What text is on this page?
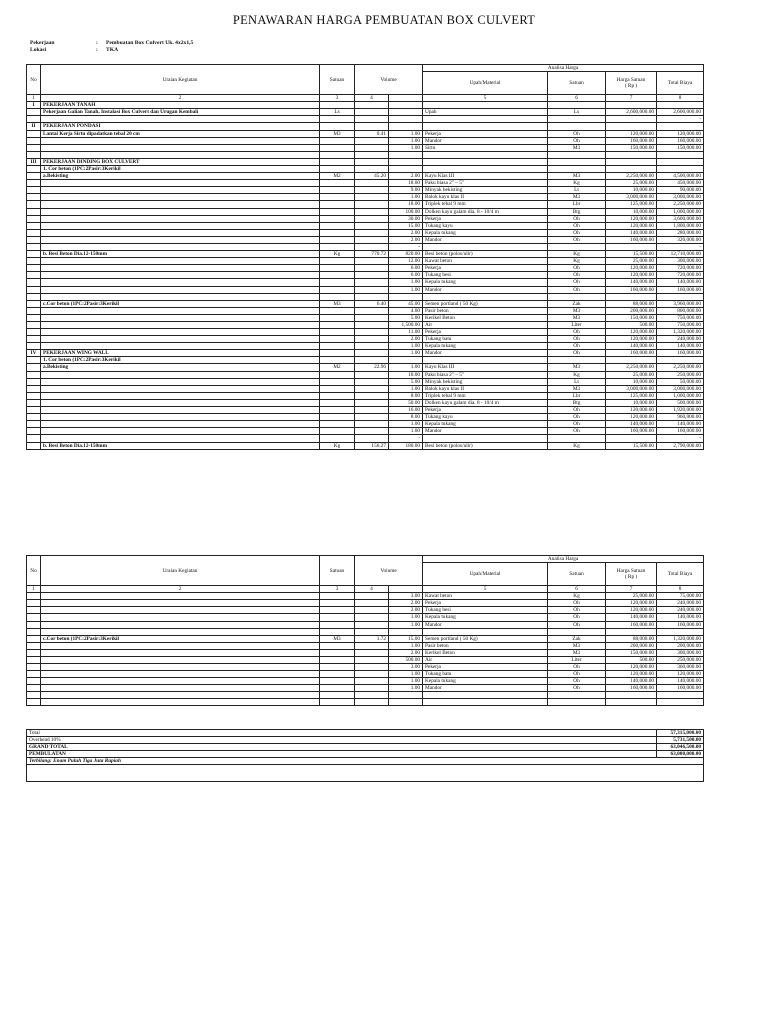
PENAWARAN HARGA PEMBUATAN BOX CULVERT
Pekerjaan	: Pembuatan Box Culvert Uk. 4x2x1,5
Lokasi	: TKA
No	Uraian Kegiatan	Satuan	Volume		Analisa Harga			
					Upah/Material	Satuan	Harga Satuan
( Rp )	Total Biaya
1	2	3	4		5	6	7	8
I	PEKERJAAN TANAH							
	Pekerjaan Galian Tanah, Instalasi Box Culvert dan Urugan Kembali	Ls			Upah	Ls	2,600,000.00	2,600,000.00
								-
II	PEKERJAAN PONDASI							
	Lantai Kerja Sirtu dipadatkan tebal 20 cm	M3	0.41	1.00	Pekerja	Oh	120,000.00	120,000.00
				1.00	Mandor	Oh	160,000.00	160,000.00
				1.00	Sirtu	M3	150,000.00	150,000.00

III	PEKERJAAN DINDING BOX CULVERT							
	1. Cor beton (1PC:2Pasir:3Kerikil							
	a.Bekisting	M2	45.20	2.00	Kayu Klas III	M3	2,250,000.00	4,500,000.00
				18.00	Paku biasa 2" – 5"	Kg	25,000.00	450,000.00
				9.00	Minyak bekisting	Lt	10,000.00	90,000.00
				1.00	Balok kayu klas II	M3	3,000,000.00	3,000,000.00
				18.00	Triplek tebal 9 mm	Lbr	125,000.00	2,250,000.00
				100.00	Dolken kayu galam dia. 8 - 10/4 m	Btg	10,000.00	1,000,000.00
				30.00	Pekerja	Oh	120,000.00	3,600,000.00
				15.00	Tukang kayu	Oh	120,000.00	1,800,000.00
				2.00	Kepala tukang	Oh	140,000.00	280,000.00
				2.00	Mandor	Oh	160,000.00	320,000.00
				-				-
	b. Besi Beton Dia.12-150mm	Kg	770.72	820.00	Besi beton (polos/ulir)	Kg	15,500.00	12,710,000.00
				12.00	Kawat beton	Kg	25,000.00	300,000.00
				6.00	Pekerja	Oh	120,000.00	720,000.00
				6.00	Tukang besi	Oh	120,000.00	720,000.00
				1.00	Kepala tukang	Oh	140,000.00	140,000.00
				1.00	Mandor	Oh	160,000.00	160,000.00

	c.Cor beton (1PC:2Pasir:3Kerikil	M3	6.40	45.00	Semen portland ( 50 Kg)	Zak	88,000.00	3,960,000.00
				4.00	Pasir beton	M3	200,000.00	800,000.00
				5.00	Kerikel Beton	M3	150,000.00	750,000.00
				1,500.00	Air	Liter	500.00	750,000.00
				11.00	Pekerja	Oh	120,000.00	1,320,000.00
				2.00	Tukang batu	Oh	120,000.00	240,000.00
				1.00	Kepala tukang	Oh	140,000.00	140,000.00
IV	PEKERJAAN WING WALL			1.00	Mandor	Oh	160,000.00	160,000.00
	1. Cor beton (1PC:2Pasir:3Kerikil							
	a.Bekisting	M2	22.96	1.00	Kayu Klas III	M3	2,250,000.00	2,250,000.00
				10.00	Paku biasa 2" – 5"	Kg	25,000.00	250,000.00
				5.00	Minyak bekisting	Lt	10,000.00	50,000.00
				1.00	Balok kayu klas II	M3	3,000,000.00	3,000,000.00
				8.00	Triplek tebal 9 mm	Lbr	125,000.00	1,000,000.00
				50.00	Dolken kayu galam dia. 8 - 10/4 m	Btg	10,000.00	500,000.00
				16.00	Pekerja	Oh	120,000.00	1,920,000.00
				8.00	Tukang kayu	Oh	120,000.00	960,000.00
				1.00	Kepala tukang	Oh	140,000.00	140,000.00
				1.00	Mandor	Oh	160,000.00	160,000.00
				-				-
	b. Besi Beton Dia.12-150mm	Kg	156.27	180.00	Besi beton (polos/ulir)	Kg	15,500.00	2,790,000.00
No	Uraian Kegiatan	Satuan	Volume		Analisa Harga			
					Upah/Material	Satuan	Harga Satuan
( Rp )	Total Biaya
1	2	3	4		5	6	7	8
				3.00	Kawat beton	Kg	25,000.00	75,000.00
				2.00	Pekerja	Oh	120,000.00	240,000.00
				2.00	Tukang besi	Oh	120,000.00	240,000.00
				1.00	Kepala tukang	Oh	140,000.00	140,000.00
				1.00	Mandor	Oh	160,000.00	160,000.00

	c.Cor beton (1PC:2Pasir:3Kerikil	M3	1.72	15.00	Semen portland ( 50 Kg)	Zak	88,000.00	1,320,000.00
				1.00	Pasir beton	M3	200,000.00	200,000.00
				2.00	Kerikel Beton	M3	150,000.00	300,000.00
				500.00	Air	Liter	500.00	250,000.00
				3.00	Pekerja	Oh	120,000.00	360,000.00
				1.00	Tukang batu	Oh	120,000.00	120,000.00
				1.00	Kepala tukang	Oh	140,000.00	140,000.00
				1.00	Mandor	Oh	160,000.00	160,000.00

Total	57,315,000.00
Overhead 10%	5,731,500.00
GRAND TOTAL	63,046,500.00
PEMBULATAN	63,000,000.00
Terbilang: Enam Puluh Tiga Juta Rupiah	
